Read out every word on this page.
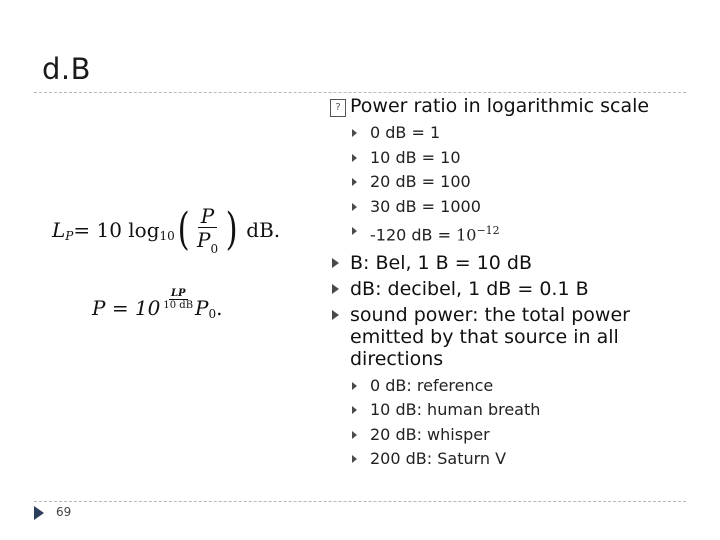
d.B
L P = 10 log 10 ( $\frac{P}{P_0}$ ) dB.
$P = 10 \frac{LP}{10 dB}$ P 0 .
? Power ratio in logarithmic scale
0 dB = 1
10 dB = 10
20 dB = 100
30 dB = 1000
-120 dB = $10^{-12}$
B: Bel, 1 B = 10 dB
dB: decibel, 1 dB = 0.1 B
sound power: the total power emitted by that source in all directions
0 dB: reference
10 dB: human breath
20 dB: whisper
200 dB: Saturn V
69
